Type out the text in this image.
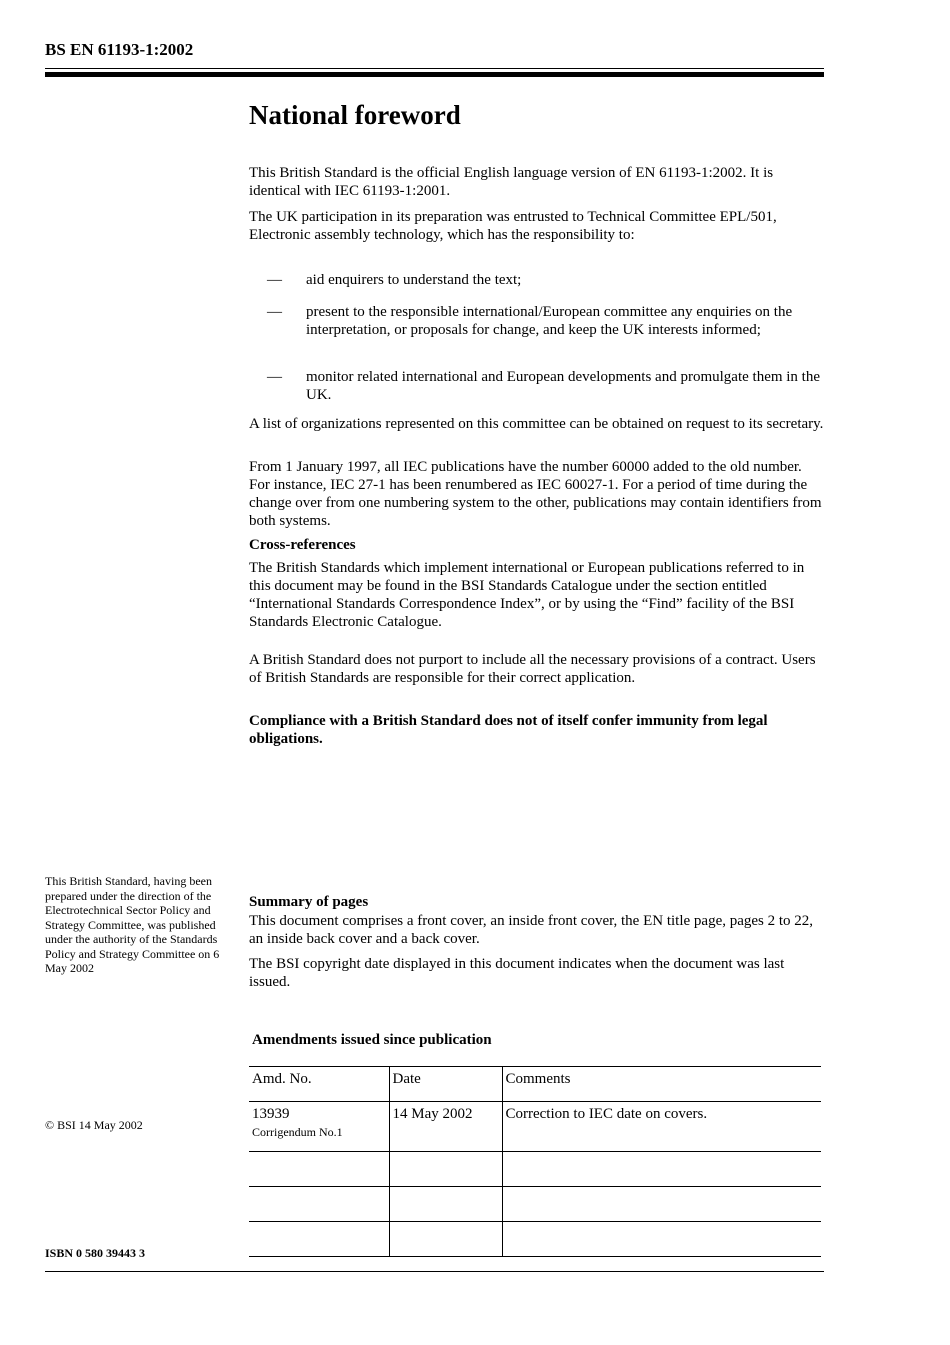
BS EN 61193-1:2002
National foreword

This British Standard is the official English language version of EN 61193-1:2002. It is identical with IEC 61193-1:2001.

The UK participation in its preparation was entrusted to Technical Committee EPL/501, Electronic assembly technology, which has the responsibility to:

— aid enquirers to understand the text;
— present to the responsible international/European committee any enquiries on the interpretation, or proposals for change, and keep the UK interests informed;
— monitor related international and European developments and promulgate them in the UK.

A list of organizations represented on this committee can be obtained on request to its secretary.

From 1 January 1997, all IEC publications have the number 60000 added to the old number. For instance, IEC 27-1 has been renumbered as IEC 60027-1. For a period of time during the change over from one numbering system to the other, publications may contain identifiers from both systems.

Cross-references

The British Standards which implement international or European publications referred to in this document may be found in the BSI Standards Catalogue under the section entitled “International Standards Correspondence Index”, or by using the “Find” facility of the BSI Standards Electronic Catalogue.

A British Standard does not purport to include all the necessary provisions of a contract. Users of British Standards are responsible for their correct application.

Compliance with a British Standard does not of itself confer immunity from legal obligations.
This British Standard, having been prepared under the direction of the Electrotechnical Sector Policy and Strategy Committee, was published under the authority of the Standards Policy and Strategy Committee on 6 May 2002
Summary of pages

This document comprises a front cover, an inside front cover, the EN title page, pages 2 to 22, an inside back cover and a back cover.

The BSI copyright date displayed in this document indicates when the document was last issued.

Amendments issued since publication
Amd. No.	Date	Comments
13939
Corrigendum No.1	14 May 2002	Correction to IEC date on covers.

© BSI 14 May 2002
ISBN 0 580 39443 3
